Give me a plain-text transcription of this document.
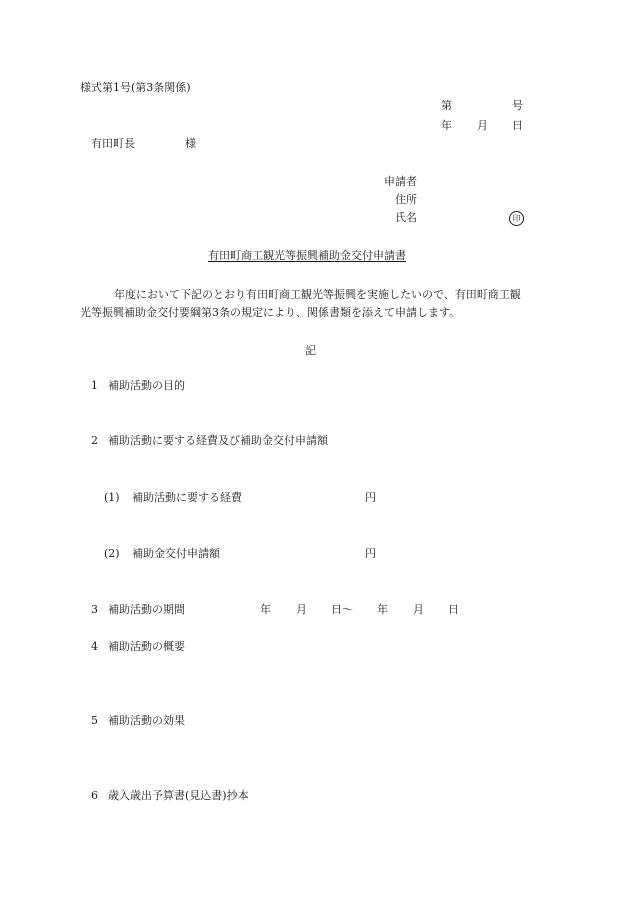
様式第1号(第3条関係)
第	号
年 月 日
有田町長	様
申請者
住所
氏名	印
有田町商工観光等振興補助金交付申請書
年度において下記のとおり有田町商工観光等振興を実施したいので、有田町商工観
光等振興補助金交付要綱第3条の規定により、関係書類を添えて申請します。
記
1 補助活動の目的
2 補助活動に要する経費及び補助金交付申請額
(1) 補助活動に要する経費	円
(2) 補助金交付申請額	円
3 補助活動の期間	年 月 日〜 年 月 日
4 補助活動の概要
5 補助活動の効果
6 歳入歳出予算書(見込書)抄本
